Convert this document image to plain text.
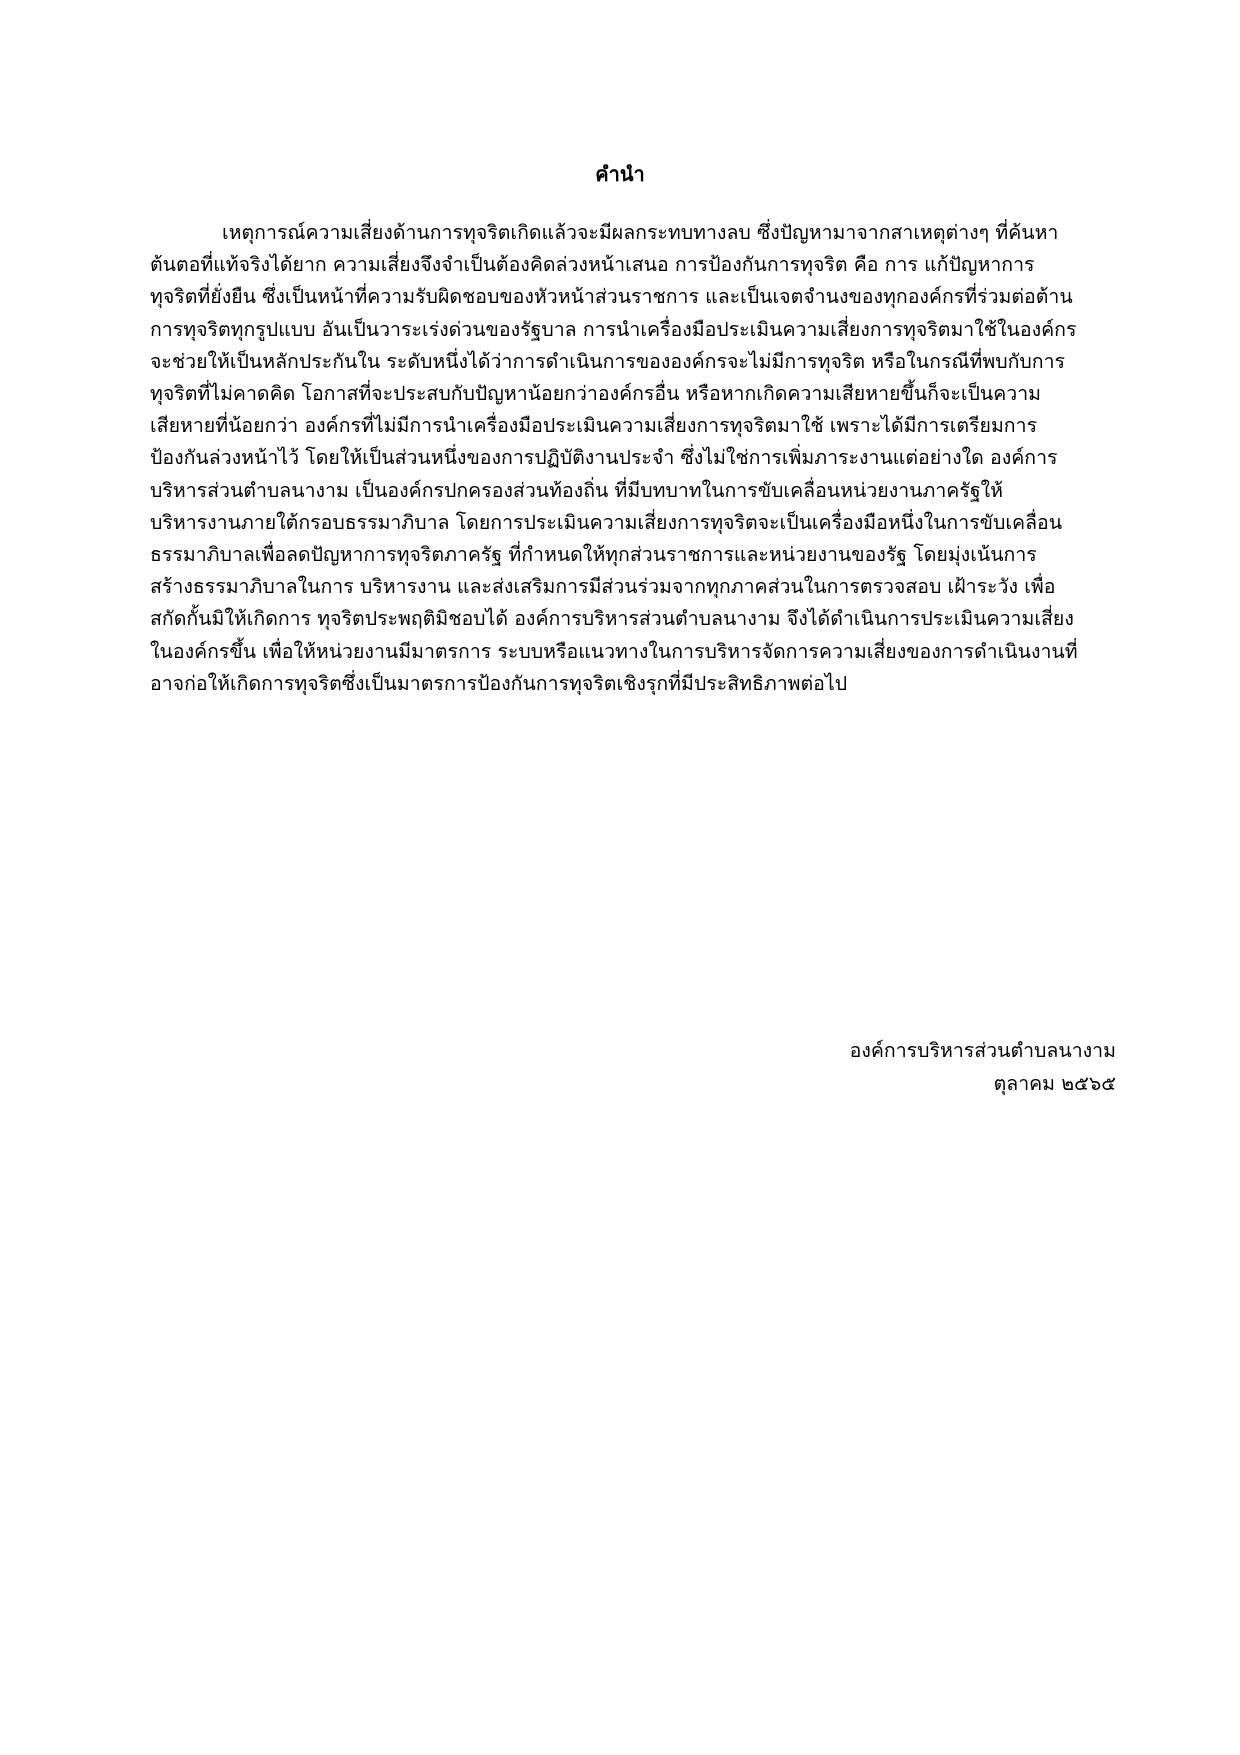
คำนำ
เหตุการณ์ความเสี่ยงด้านการทุจริตเกิดแล้วจะมีผลกระทบทางลบ ซึ่งปัญหามาจากสาเหตุต่างๆ ที่ค้นหา
ต้นตอที่แท้จริงได้ยาก ความเสี่ยงจึงจำเป็นต้องคิดล่วงหน้าเสนอ การป้องกันการทุจริต คือ การ แก้ปัญหาการ
ทุจริตที่ยั่งยืน ซึ่งเป็นหน้าที่ความรับผิดชอบของหัวหน้าส่วนราชการ และเป็นเจตจำนงของทุกองค์กรที่ร่วมต่อต้าน
การทุจริตทุกรูปแบบ อันเป็นวาระเร่งด่วนของรัฐบาล การนำเครื่องมือประเมินความเสี่ยงการทุจริตมาใช้ในองค์กร
จะช่วยให้เป็นหลักประกันใน ระดับหนึ่งได้ว่าการดำเนินการขององค์กรจะไม่มีการทุจริต หรือในกรณีที่พบกับการ
ทุจริตที่ไม่คาดคิด โอกาสที่จะประสบกับปัญหาน้อยกว่าองค์กรอื่น หรือหากเกิดความเสียหายขึ้นก็จะเป็นความ
เสียหายที่น้อยกว่า องค์กรที่ไม่มีการนำเครื่องมือประเมินความเสี่ยงการทุจริตมาใช้ เพราะได้มีการเตรียมการ
ป้องกันล่วงหน้าไว้ โดยให้เป็นส่วนหนึ่งของการปฏิบัติงานประจำ ซึ่งไม่ใช่การเพิ่มภาระงานแต่อย่างใด องค์การ
บริหารส่วนตำบลนางาม เป็นองค์กรปกครองส่วนท้องถิ่น ที่มีบทบาทในการขับเคลื่อนหน่วยงานภาครัฐให้
บริหารงานภายใต้กรอบธรรมาภิบาล โดยการประเมินความเสี่ยงการทุจริตจะเป็นเครื่องมือหนึ่งในการขับเคลื่อน
ธรรมาภิบาลเพื่อลดปัญหาการทุจริตภาครัฐ ที่กำหนดให้ทุกส่วนราชการและหน่วยงานของรัฐ โดยมุ่งเน้นการ
สร้างธรรมาภิบาลในการ บริหารงาน และส่งเสริมการมีส่วนร่วมจากทุกภาคส่วนในการตรวจสอบ เฝ้าระวัง เพื่อ
สกัดกั้นมิให้เกิดการ ทุจริตประพฤติมิชอบได้ องค์การบริหารส่วนตำบลนางาม จึงได้ดำเนินการประเมินความเสี่ยง
ในองค์กรขึ้น เพื่อให้หน่วยงานมีมาตรการ ระบบหรือแนวทางในการบริหารจัดการความเสี่ยงของการดำเนินงานที่
อาจก่อให้เกิดการทุจริตซึ่งเป็นมาตรการป้องกันการทุจริตเชิงรุกที่มีประสิทธิภาพต่อไป
องค์การบริหารส่วนตำบลนางาม
ตุลาคม ๒๕๖๕
